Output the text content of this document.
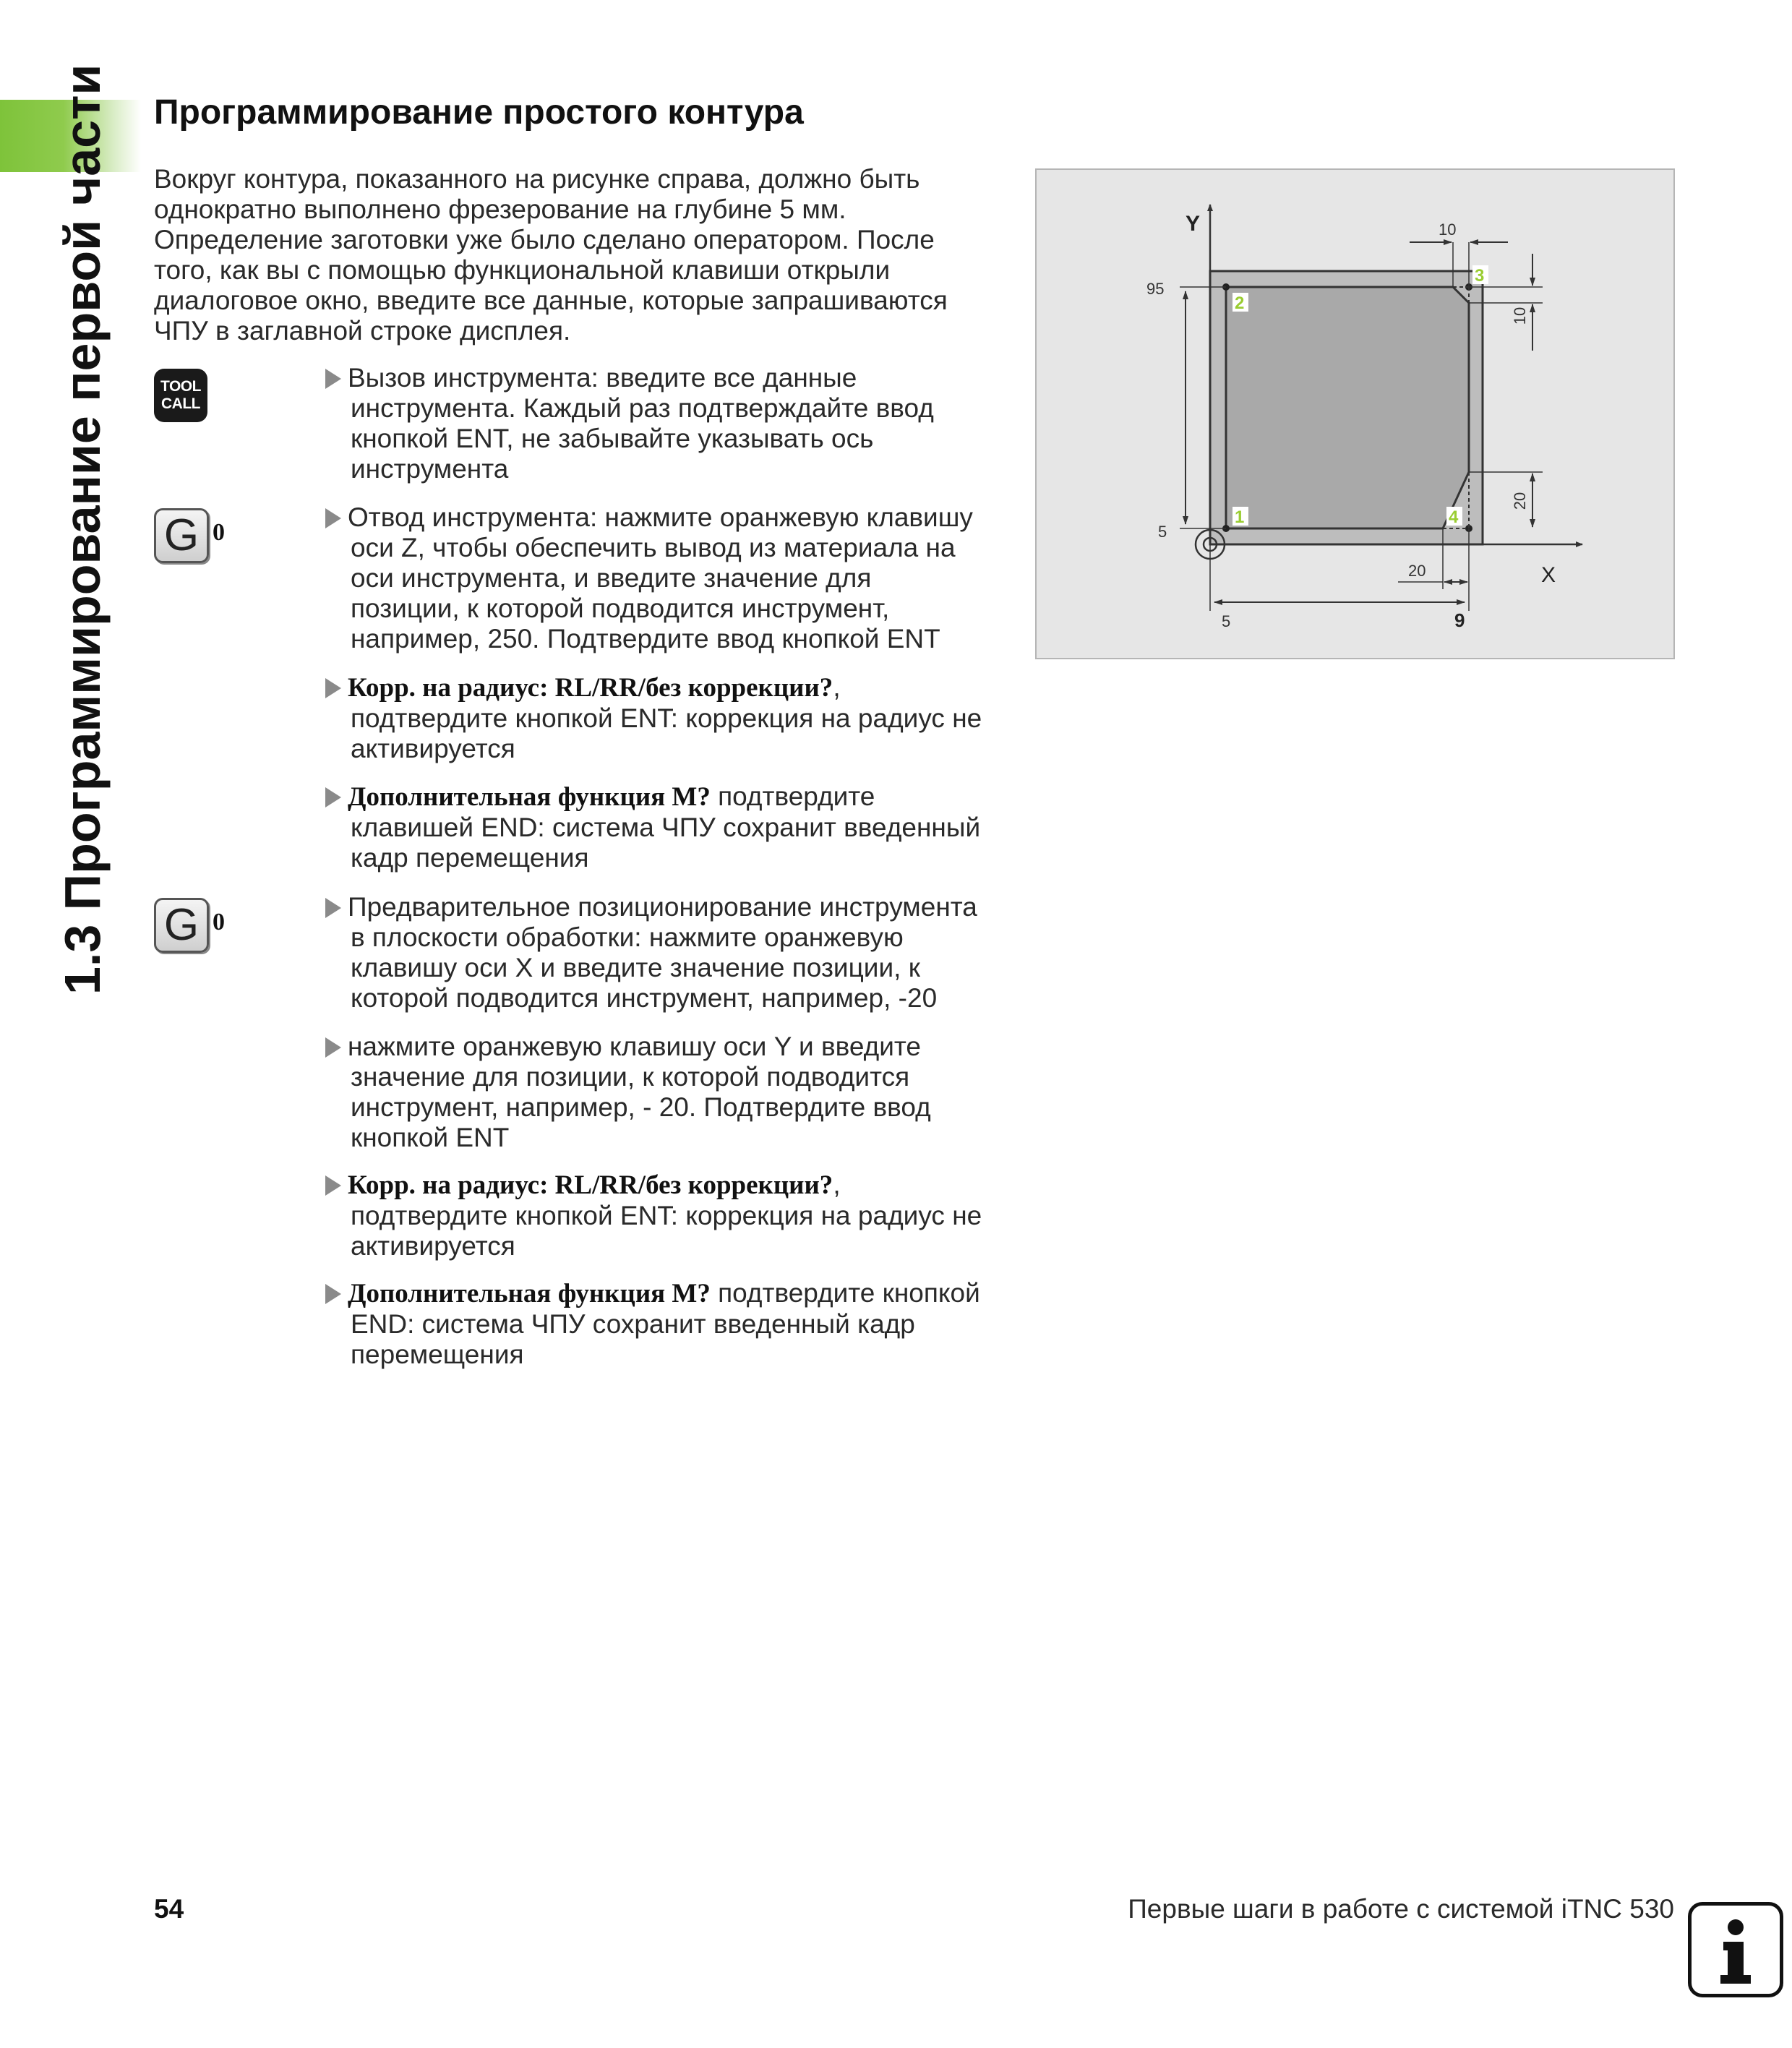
1.3 Программирование первой части Программирование простого контура
Вокруг контура, показанного на рисунке справа, должно быть
однократно выполнено фрезерование на глубине 5 мм.
Определение заготовки уже было сделано оператором. После
того, как вы с помощью функциональной клавиши открыли
диалоговое окно, введите все данные, которые запрашиваются
ЧПУ в заглавной строке дисплея.
TOOL
CALL
G 0
G 0
Вызов инструмента: введите все данные
инструмента. Каждый раз подтверждайте ввод
кнопкой ENT, не забывайте указывать ось
инструмента
Отвод инструмента: нажмите оранжевую клавишу
оси Z, чтобы обеспечить вывод из материала на
оси инструмента, и введите значение для
позиции, к которой подводится инструмент,
например, 250. Подтвердите ввод кнопкой ENT
Корр. на радиус: RL/RR/без коррекции?,
подтвердите кнопкой ENT: коррекция на радиус не
активируется
Дополнительная функция M? подтвердите
клавишей END: система ЧПУ сохранит введенный
кадр перемещения
Предварительное позиционирование инструмента
в плоскости обработки: нажмите оранжевую
клавишу оси X и введите значение позиции, к
которой подводится инструмент, например, -20
нажмите оранжевую клавишу оси Y и введите
значение для позиции, к которой подводится
инструмент, например, - 20. Подтвердите ввод
кнопкой ENT
Корр. на радиус: RL/RR/без коррекции?,
подтвердите кнопкой ENT: коррекция на радиус не
активируется
Дополнительная функция M? подтвердите кнопкой
END: система ЧПУ сохранит введенный кадр
перемещения
Y
X
1
2
3
4
95
5
5	9
10
10
20
20
54	Первые шаги в работе с системой iTNC 530
